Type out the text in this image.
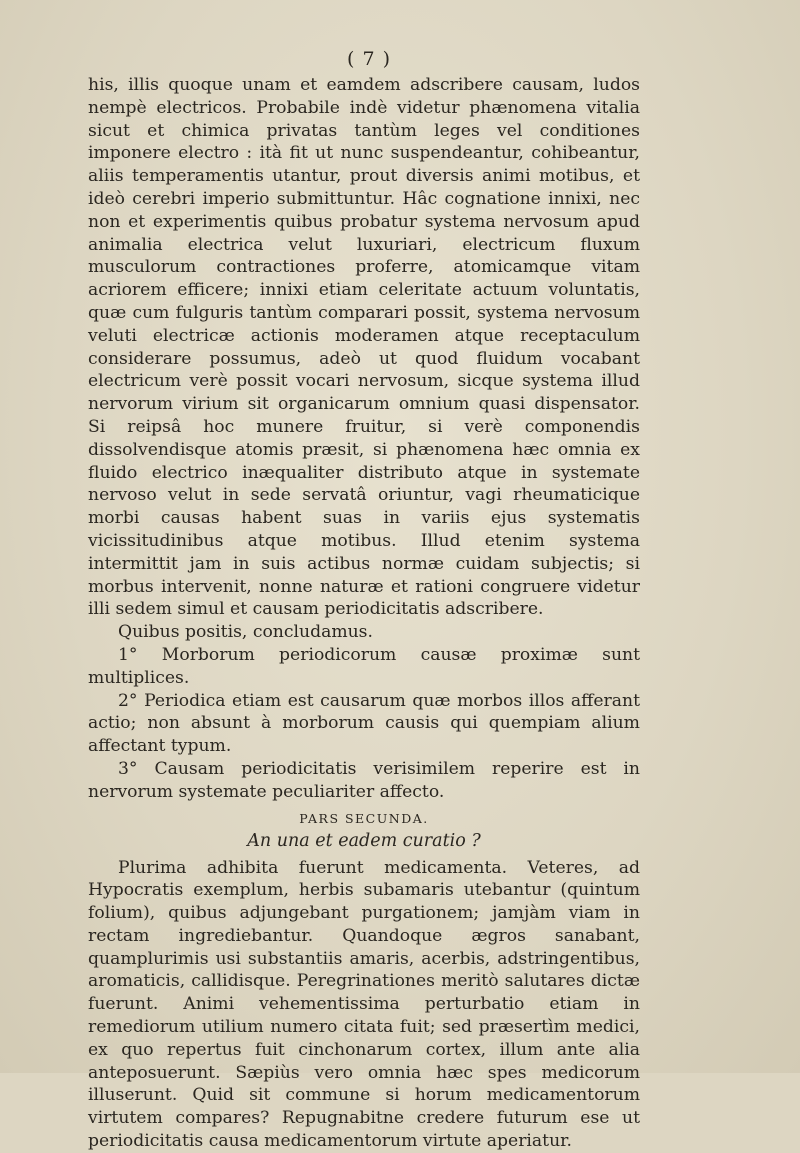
( 7 )

his, illis quoque unam et eamdem adscribere causam, ludos nempè electricos. Probabile indè videtur phænomena vitalia sicut et chimica privatas tantùm leges vel conditiones imponere electro : ità fit ut nunc suspendeantur, cohibeantur, aliis temperamentis utantur, prout diversis animi motibus, et ideò cerebri imperio submittuntur. Hâc cognatione innixi, nec non et experimentis quibus probatur systema nervosum apud animalia electrica velut luxuriari, electricum fluxum musculorum contractiones proferre, atomicamque vitam acriorem efficere; innixi etiam celeritate actuum voluntatis, quæ cum fulguris tantùm comparari possit, systema nervosum veluti electricæ actionis moderamen atque receptaculum considerare possumus, adeò ut quod fluidum vocabant electricum verè possit vocari nervosum, sicque systema illud nervorum virium sit organicarum omnium quasi dispensator. Si reipsâ hoc munere fruitur, si verè componendis dissolvendisque atomis præsit, si phænomena hæc omnia ex fluido electrico inæqualiter distributo atque in systemate nervoso velut in sede servatâ oriuntur, vagi rheumaticique morbi causas habent suas in variis ejus systematis vicissitudinibus atque motibus. Illud etenim systema intermittit jam in suis actibus normæ cuidam subjectis; si morbus intervenit, nonne naturæ et rationi congruere videtur illi sedem simul et causam periodicitatis adscribere.

Quibus positis, concludamus.

1° Morborum periodicorum causæ proximæ sunt multiplices.

2° Periodica etiam est causarum quæ morbos illos afferant actio; non absunt à morborum causis qui quempiam alium affectant typum.

3° Causam periodicitatis verisimilem reperire est in nervorum systemate peculiariter affecto.

PARS SECUNDA.
An una et eadem curatio ?

Plurima adhibita fuerunt medicamenta. Veteres, ad Hypocratis exemplum, herbis subamaris utebantur (quintum folium), quibus adjungebant purgationem; jamjàm viam in rectam ingrediebantur. Quandoque ægros sanabant, quamplurimis usi substantiis amaris, acerbis, adstringentibus, aromaticis, callidisque. Peregrinationes meritò salutares dictæ fuerunt. Animi vehementissima perturbatio etiam in remediorum utilium numero citata fuit; sed præsertìm medici, ex quo repertus fuit cinchonarum cortex, illum ante alia anteposuerunt. Sæpiùs vero omnia hæc spes medicorum illuserunt. Quid sit commune si horum medicamentorum virtutem compares? Repugnabitne credere futurum ese ut periodicitatis causa medicamentorum virtute aperiatur.
